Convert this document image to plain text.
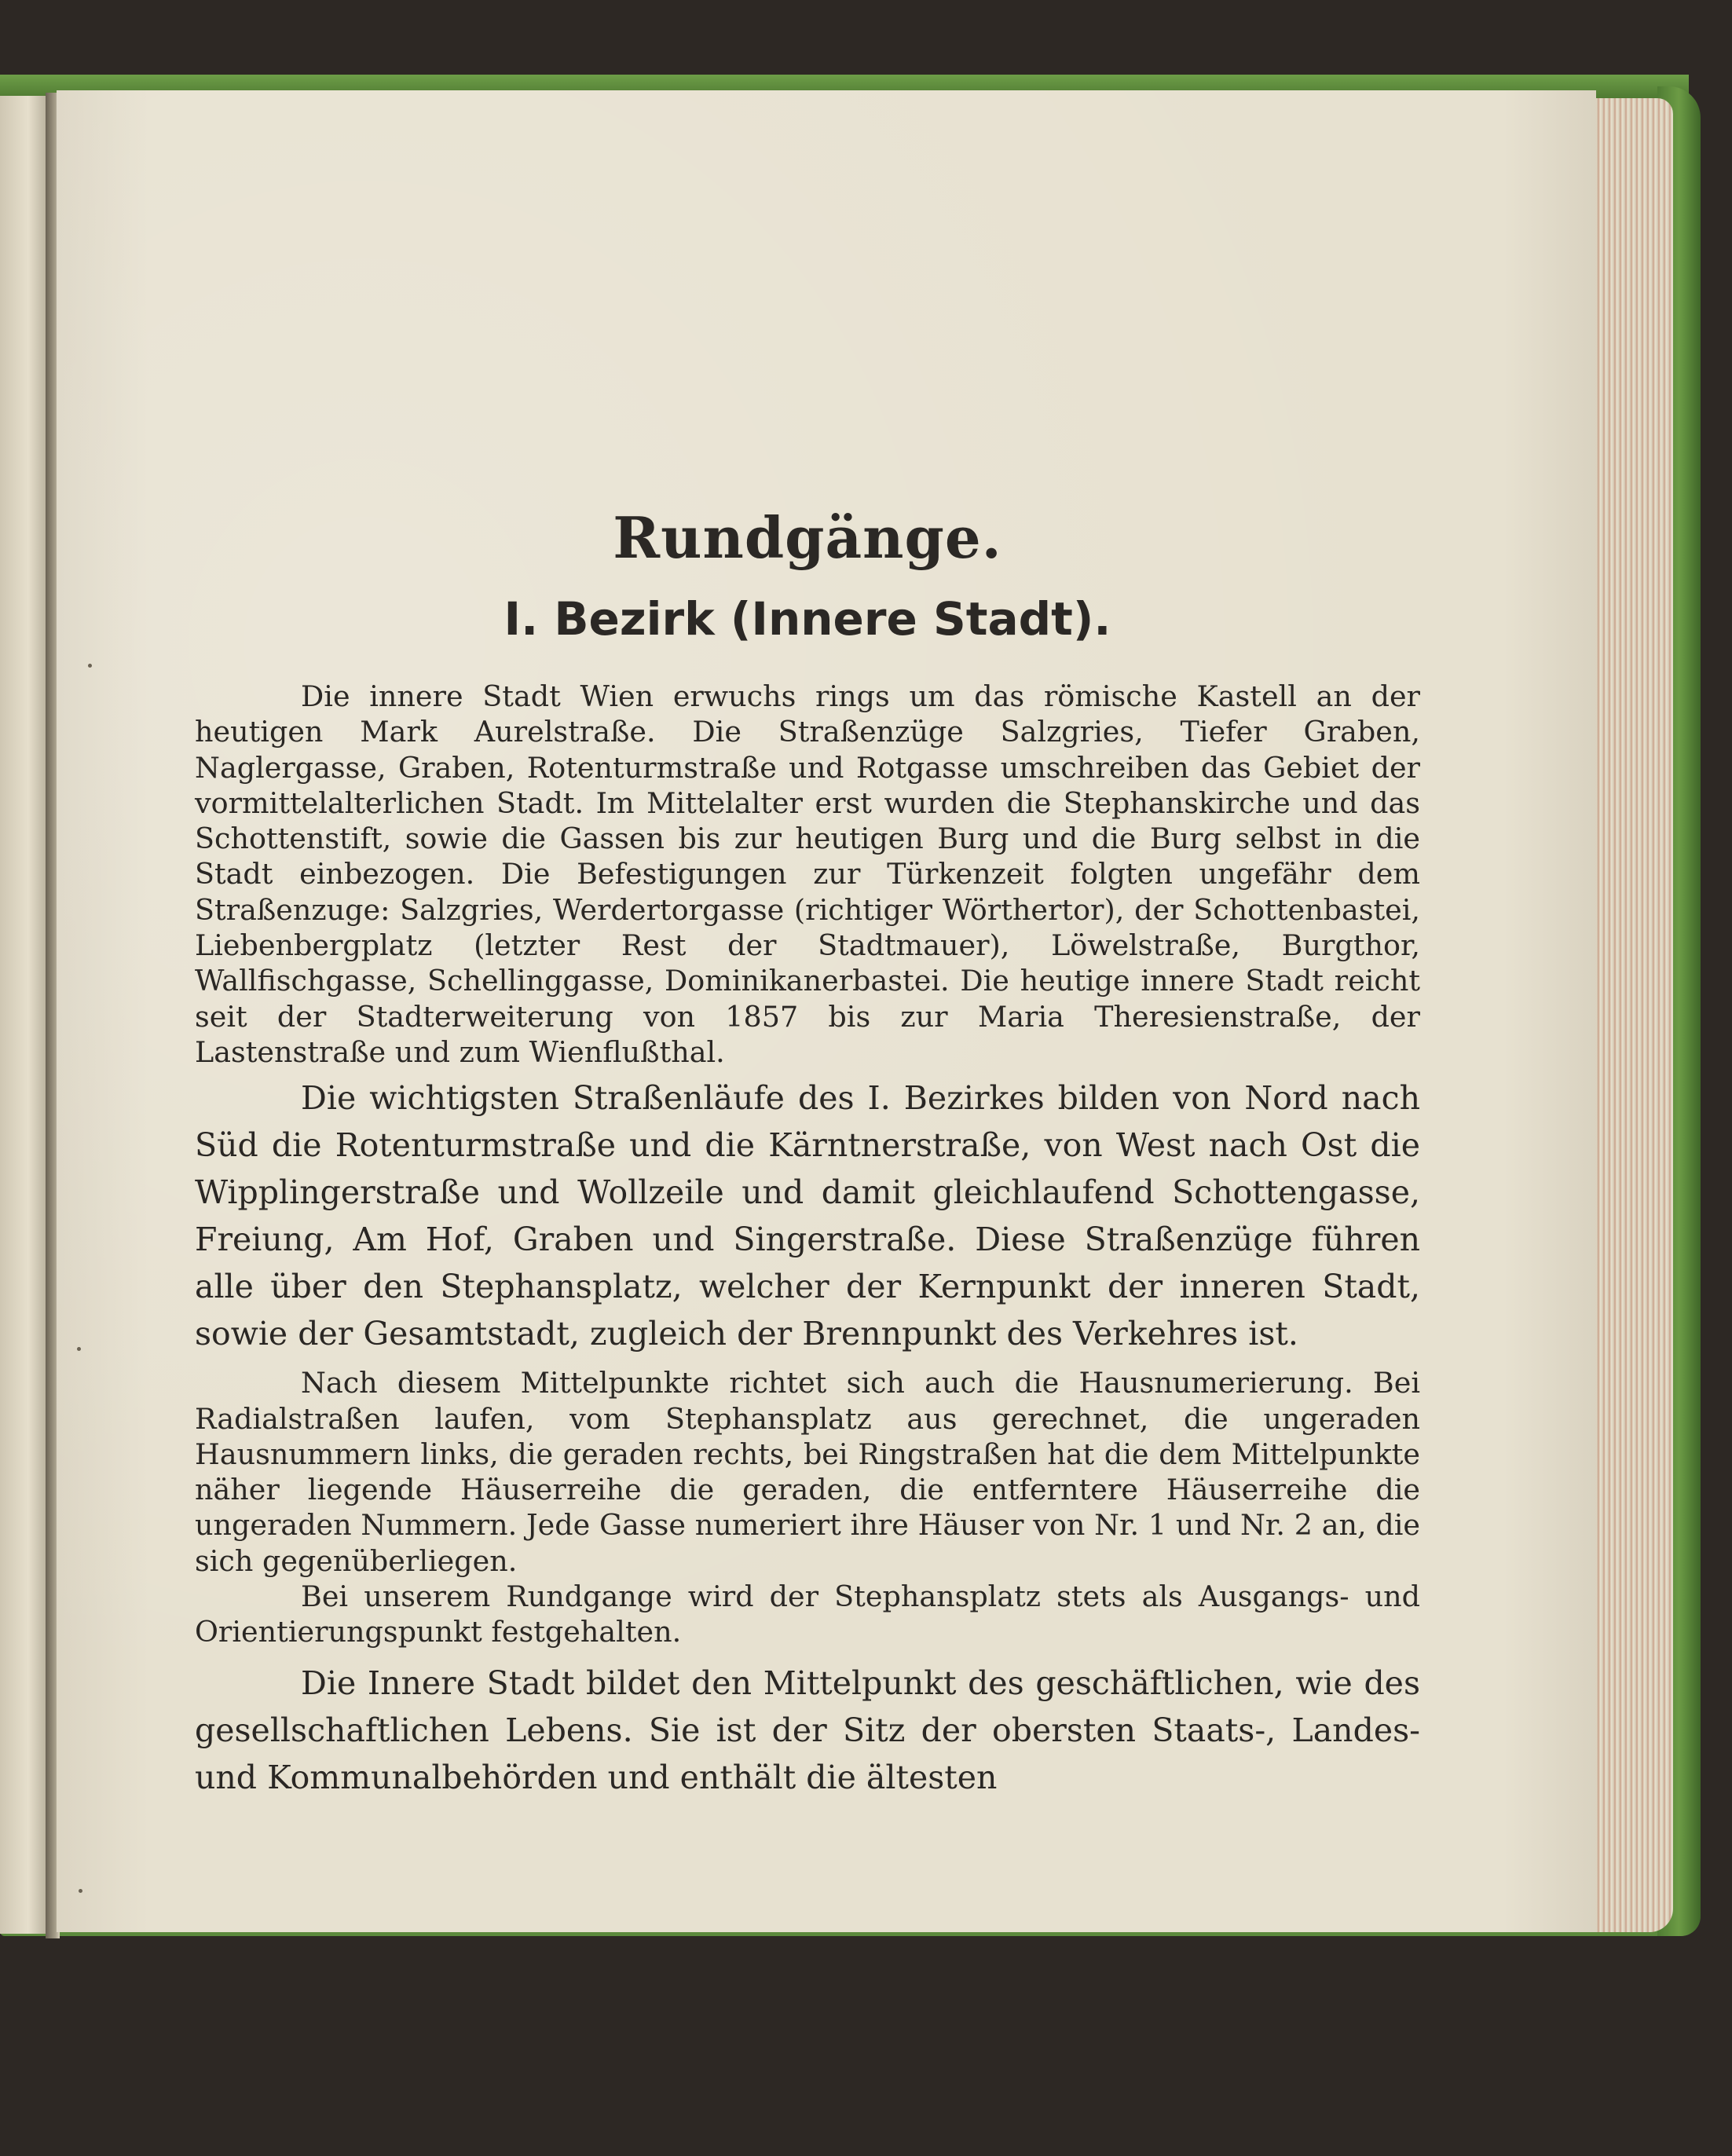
Rundgänge.
I. Bezirk (Innere Stadt).

Die innere Stadt Wien erwuchs rings um das römische Kastell an der heutigen Mark Aurelstraße. Die Straßenzüge Salzgries, Tiefer Graben, Naglergasse, Graben, Rotenturmstraße und Rotgasse umschreiben das Gebiet der vormittelalterlichen Stadt. Im Mittelalter erst wurden die Stephanskirche und das Schottenstift, sowie die Gassen bis zur heutigen Burg und die Burg selbst in die Stadt einbezogen. Die Befestigungen zur Türkenzeit folgten ungefähr dem Straßenzuge: Salzgries, Werdertorgasse (richtiger Wörthertor), der Schottenbastei, Liebenbergplatz (letzter Rest der Stadtmauer), Löwelstraße, Burgthor, Wallfischgasse, Schellinggasse, Dominikanerbastei. Die heutige innere Stadt reicht seit der Stadterweiterung von 1857 bis zur Maria Theresienstraße, der Lastenstraße und zum Wienflußthal.

Die wichtigsten Straßenläufe des I. Bezirkes bilden von Nord nach Süd die Rotenturmstraße und die Kärntnerstraße, von West nach Ost die Wipplingerstraße und Wollzeile und damit gleichlaufend Schottengasse, Freiung, Am Hof, Graben und Singerstraße. Diese Straßenzüge führen alle über den Stephansplatz, welcher der Kernpunkt der inneren Stadt, sowie der Gesamtstadt, zugleich der Brennpunkt des Verkehres ist.

Nach diesem Mittelpunkte richtet sich auch die Hausnumerierung. Bei Radialstraßen laufen, vom Stephansplatz aus gerechnet, die ungeraden Hausnummern links, die geraden rechts, bei Ringstraßen hat die dem Mittelpunkte näher liegende Häuserreihe die geraden, die entferntere Häuserreihe die ungeraden Nummern. Jede Gasse numeriert ihre Häuser von Nr. 1 und Nr. 2 an, die sich gegenüberliegen.

Bei unserem Rundgange wird der Stephansplatz stets als Ausgangs- und Orientierungspunkt festgehalten.

Die Innere Stadt bildet den Mittelpunkt des geschäftlichen, wie des gesellschaftlichen Lebens. Sie ist der Sitz der obersten Staats-, Landes- und Kommunalbehörden und enthält die ältesten
